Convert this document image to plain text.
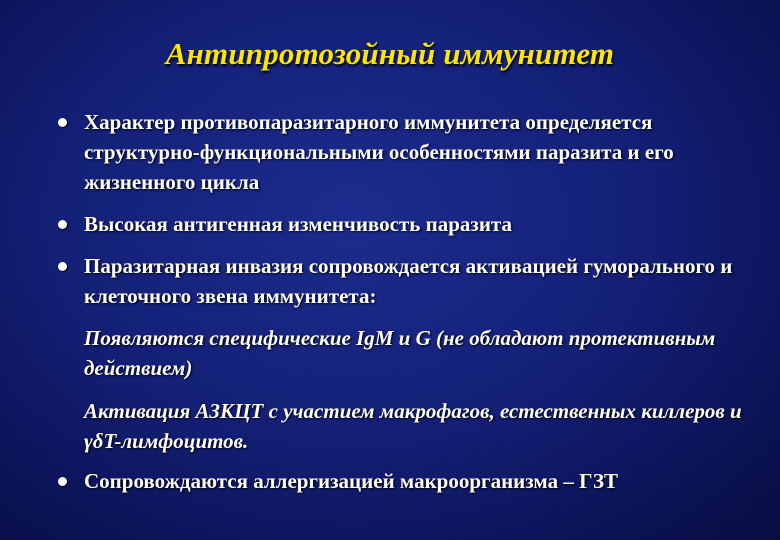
Антипротозойный иммунитет
Характер противопаразитарного иммунитета определяется структурно-функциональными особенностями паразита и его жизненного цикла
Высокая антигенная изменчивость паразита
Паразитарная инвазия сопровождается активацией гуморального и клеточного звена иммунитета:
Появляются специфические IgM и G (не обладают протективным действием)
Активация АЗКЦТ с участием макрофагов, естественных киллеров и γδT-лимфоцитов.
Сопровождаются аллергизацией макроорганизма – ГЗТ
